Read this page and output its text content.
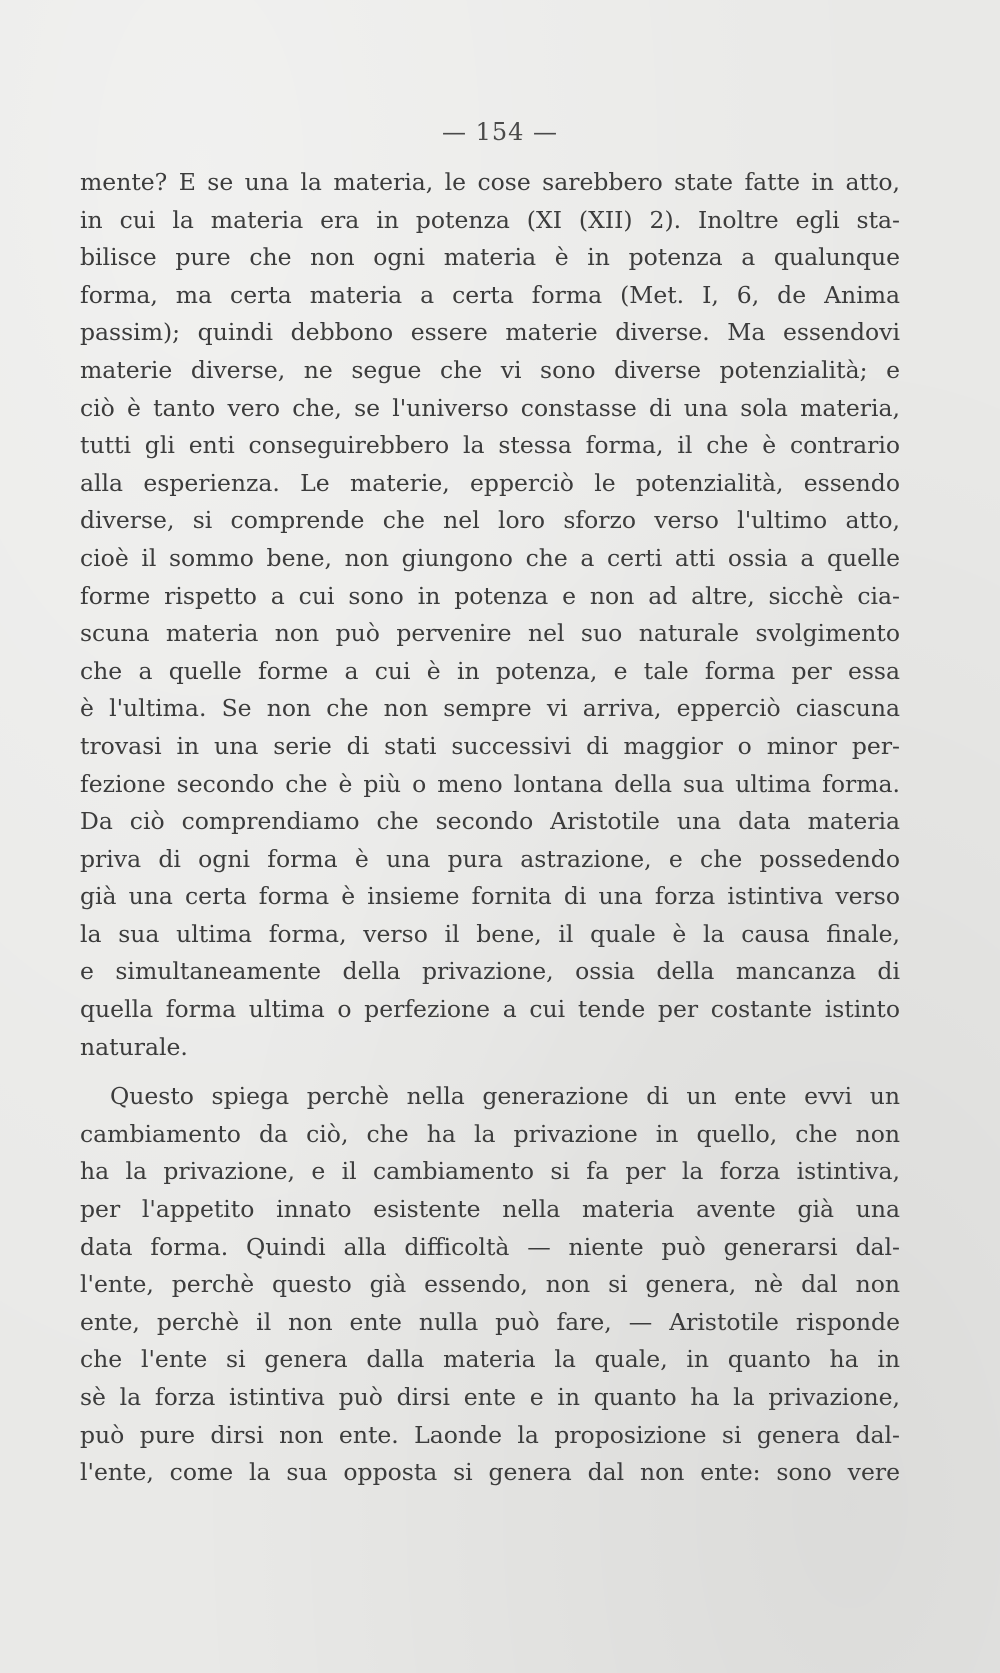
— 154 —
mente? E se una la materia, le cose sarebbero state fatte in atto,
in cui la materia era in potenza (XI (XII) 2). Inoltre egli sta-
bilisce pure che non ogni materia è in potenza a qualunque
forma, ma certa materia a certa forma (Met. I, 6, de Anima
passim); quindi debbono essere materie diverse. Ma essendovi
materie diverse, ne segue che vi sono diverse potenzialità; e
ciò è tanto vero che, se l'universo constasse di una sola materia,
tutti gli enti conseguirebbero la stessa forma, il che è contrario
alla esperienza. Le materie, epperciò le potenzialità, essendo
diverse, si comprende che nel loro sforzo verso l'ultimo atto,
cioè il sommo bene, non giungono che a certi atti ossia a quelle
forme rispetto a cui sono in potenza e non ad altre, sicchè cia-
scuna materia non può pervenire nel suo naturale svolgimento
che a quelle forme a cui è in potenza, e tale forma per essa
è l'ultima. Se non che non sempre vi arriva, epperciò ciascuna
trovasi in una serie di stati successivi di maggior o minor per-
fezione secondo che è più o meno lontana della sua ultima forma.
Da ciò comprendiamo che secondo Aristotile una data materia
priva di ogni forma è una pura astrazione, e che possedendo
già una certa forma è insieme fornita di una forza istintiva verso
la sua ultima forma, verso il bene, il quale è la causa finale,
e simultaneamente della privazione, ossia della mancanza di
quella forma ultima o perfezione a cui tende per costante istinto
naturale.
Questo spiega perchè nella generazione di un ente evvi un
cambiamento da ciò, che ha la privazione in quello, che non
ha la privazione, e il cambiamento si fa per la forza istintiva,
per l'appetito innato esistente nella materia avente già una
data forma. Quindi alla difficoltà — niente può generarsi dal-
l'ente, perchè questo già essendo, non si genera, nè dal non
ente, perchè il non ente nulla può fare, — Aristotile risponde
che l'ente si genera dalla materia la quale, in quanto ha in
sè la forza istintiva può dirsi ente e in quanto ha la privazione,
può pure dirsi non ente. Laonde la proposizione si genera dal-
l'ente, come la sua opposta si genera dal non ente: sono vere
